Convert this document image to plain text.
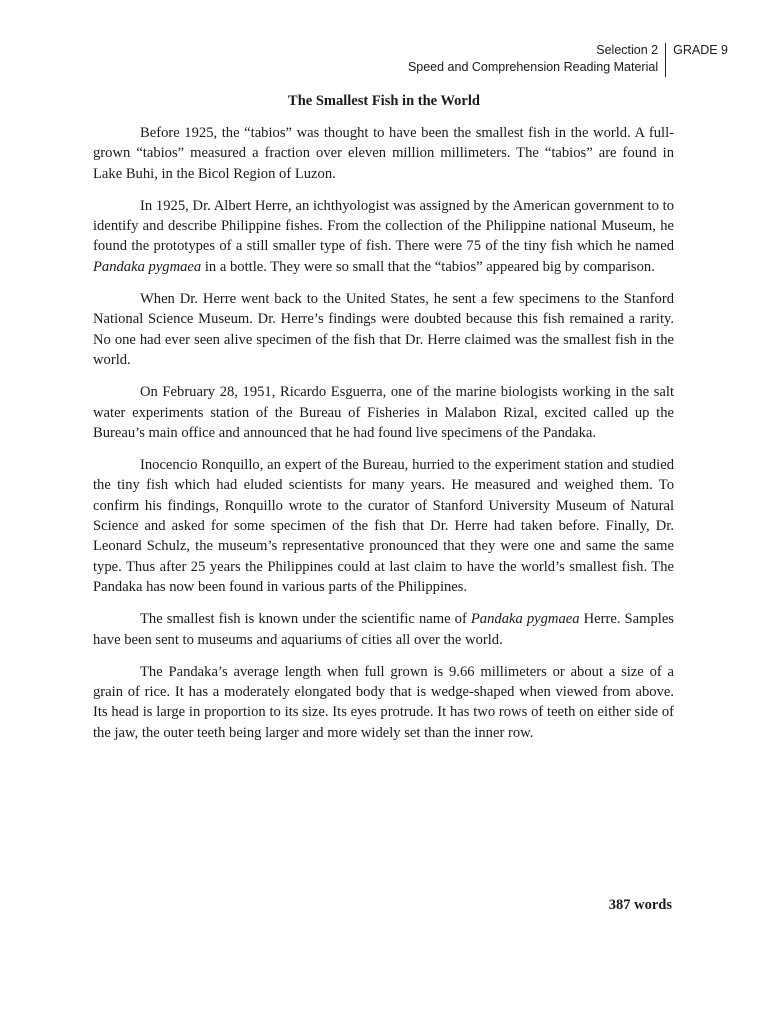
Selection 2
Speed and Comprehension Reading Material
GRADE 9
The Smallest Fish in the World

Before 1925, the “tabios” was thought to have been the smallest fish in the world. A full-grown “tabios” measured a fraction over eleven million millimeters. The “tabios” are found in Lake Buhi, in the Bicol Region of Luzon.

In 1925, Dr. Albert Herre, an ichthyologist was assigned by the American government to to identify and describe Philippine fishes. From the collection of the Philippine national Museum, he found the prototypes of a still smaller type of fish. There were 75 of the tiny fish which he named Pandaka pygmaea in a bottle. They were so small that the “tabios” appeared big by comparison.

When Dr. Herre went back to the United States, he sent a few specimens to the Stanford National Science Museum. Dr. Herre’s findings were doubted because this fish remained a rarity. No one had ever seen alive specimen of the fish that Dr. Herre claimed was the smallest fish in the world.

On February 28, 1951, Ricardo Esguerra, one of the marine biologists working in the salt water experiments station of the Bureau of Fisheries in Malabon Rizal, excited called up the Bureau’s main office and announced that he had found live specimens of the Pandaka.

Inocencio Ronquillo, an expert of the Bureau, hurried to the experiment station and studied the tiny fish which had eluded scientists for many years. He measured and weighed them. To confirm his findings, Ronquillo wrote to the curator of Stanford University Museum of Natural Science and asked for some specimen of the fish that Dr. Herre had taken before. Finally, Dr. Leonard Schulz, the museum’s representative pronounced that they were one and same the same type. Thus after 25 years the Philippines could at last claim to have the world’s smallest fish. The Pandaka has now been found in various parts of the Philippines.

The smallest fish is known under the scientific name of Pandaka pygmaea Herre. Samples have been sent to museums and aquariums of cities all over the world.

The Pandaka’s average length when full grown is 9.66 millimeters or about a size of a grain of rice. It has a moderately elongated body that is wedge-shaped when viewed from above. Its head is large in proportion to its size. Its eyes protrude. It has two rows of teeth on either side of the jaw, the outer teeth being larger and more widely set than the inner row.

387 words
